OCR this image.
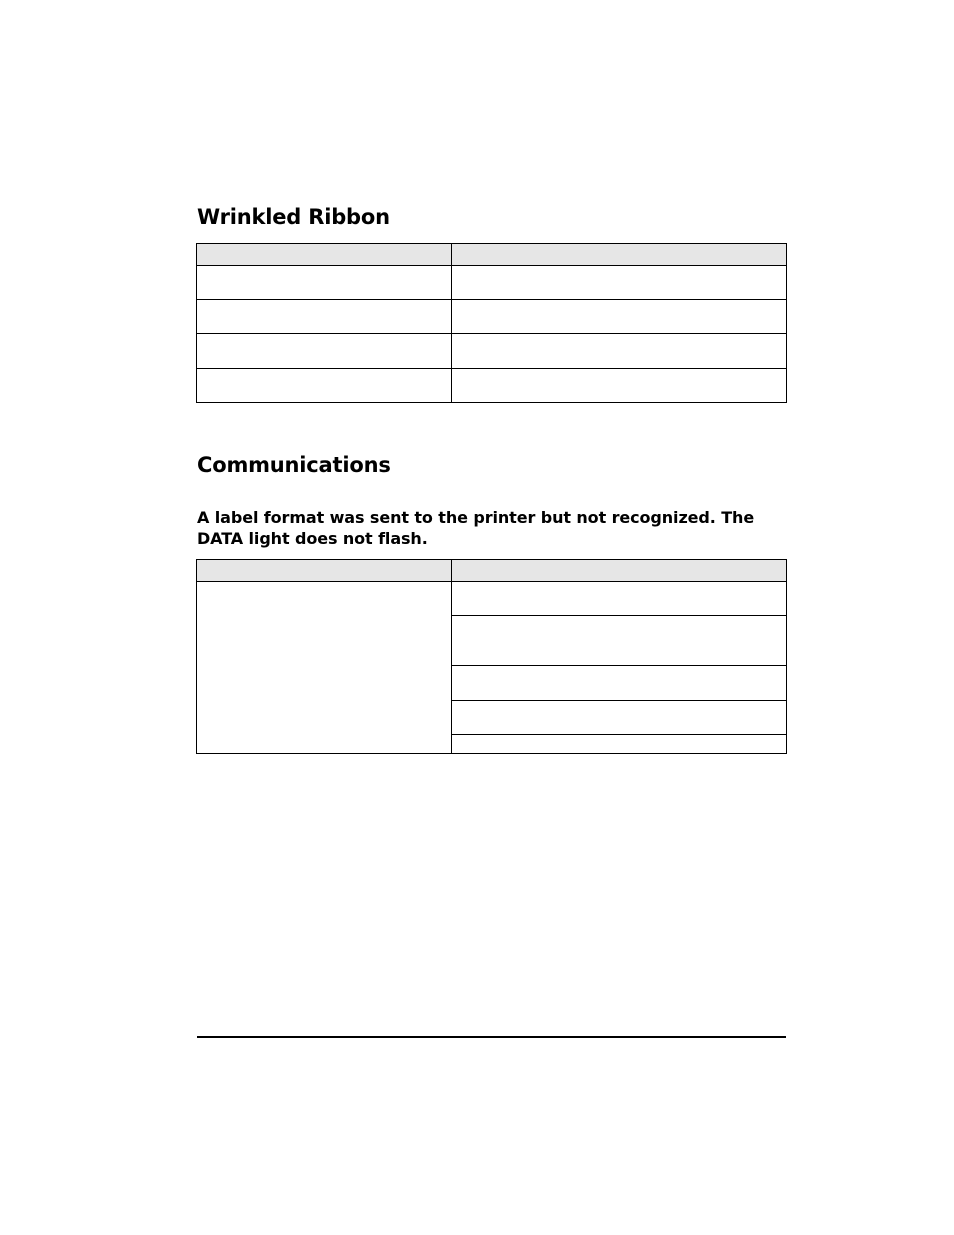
Wrinkled Ribbon

Communications

A label format was sent to the printer but not recognized. The DATA light does not flash.
